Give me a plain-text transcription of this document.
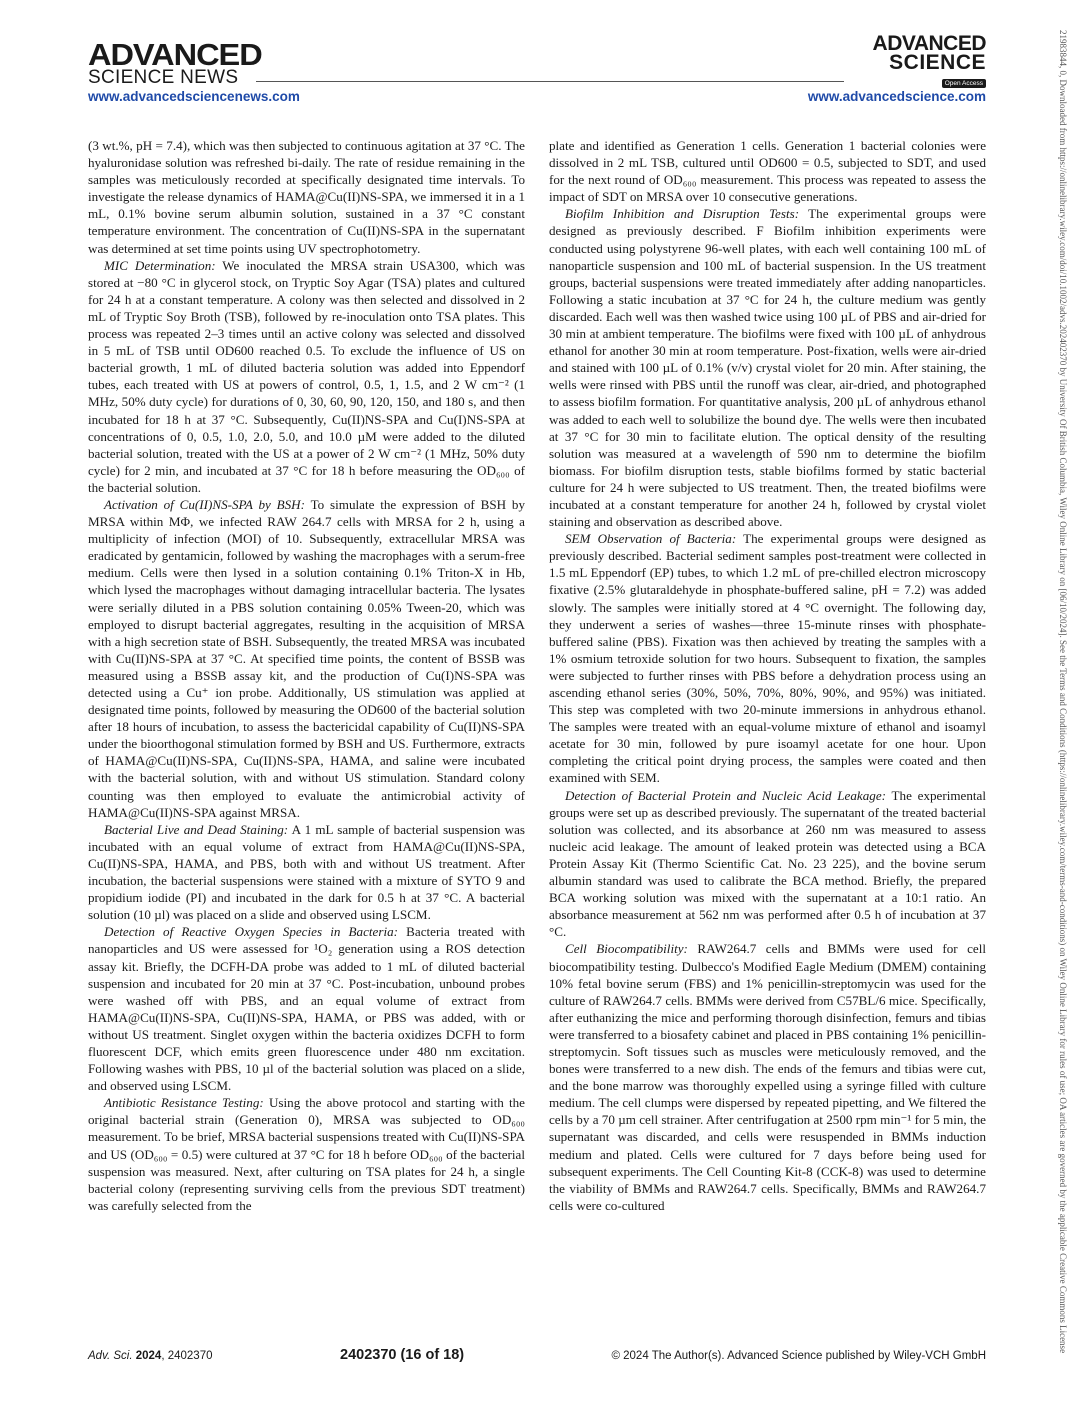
ADVANCED
SCIENCE NEWS
www.advancedsciencenews.com
ADVANCED
SCIENCE
Open Access
www.advancedscience.com	21983844, 0, Downloaded from https://onlinelibrary.wiley.com/doi/10.1002/advs.202402370 by University Of British Columbia, Wiley Online Library on [06/10/2024]. See the Terms and Conditions (https://onlinelibrary.wiley.com/terms-and-conditions) on Wiley Online Library for rules of use; OA articles are governed by the applicable Creative Commons License

(3 wt.%, pH = 7.4), which was then subjected to continuous agitation at 37 °C. The hyaluronidase solution was refreshed bi-daily. The rate of residue remaining in the samples was meticulously recorded at specifically designated time intervals. To investigate the release dynamics of HAMA@Cu(II)NS-SPA, we immersed it in a 1 mL, 0.1% bovine serum albumin solution, sustained in a 37 °C constant temperature environment. The concentration of Cu(II)NS-SPA in the supernatant was determined at set time points using UV spectrophotometry.

MIC Determination: We inoculated the MRSA strain USA300, which was stored at −80 °C in glycerol stock, on Tryptic Soy Agar (TSA) plates and cultured for 24 h at a constant temperature. A colony was then selected and dissolved in 2 mL of Tryptic Soy Broth (TSB), followed by re-inoculation onto TSA plates. This process was repeated 2–3 times until an active colony was selected and dissolved in 5 mL of TSB until OD600 reached 0.5. To exclude the influence of US on bacterial growth, 1 mL of diluted bacteria solution was added into Eppendorf tubes, each treated with US at powers of control, 0.5, 1, 1.5, and 2 W cm⁻² (1 MHz, 50% duty cycle) for durations of 0, 30, 60, 90, 120, 150, and 180 s, and then incubated for 18 h at 37 °C. Subsequently, Cu(II)NS-SPA and Cu(I)NS-SPA at concentrations of 0, 0.5, 1.0, 2.0, 5.0, and 10.0 µM were added to the diluted bacterial solution, treated with the US at a power of 2 W cm⁻² (1 MHz, 50% duty cycle) for 2 min, and incubated at 37 °C for 18 h before measuring the OD₆₀₀ of the bacterial solution.

Activation of Cu(II)NS-SPA by BSH: To simulate the expression of BSH by MRSA within MΦ, we infected RAW 264.7 cells with MRSA for 2 h, using a multiplicity of infection (MOI) of 10. Subsequently, extracellular MRSA was eradicated by gentamicin, followed by washing the macrophages with a serum-free medium. Cells were then lysed in a solution containing 0.1% Triton-X in Hb, which lysed the macrophages without damaging intracellular bacteria. The lysates were serially diluted in a PBS solution containing 0.05% Tween-20, which was employed to disrupt bacterial aggregates, resulting in the acquisition of MRSA with a high secretion state of BSH. Subsequently, the treated MRSA was incubated with Cu(II)NS-SPA at 37 °C. At specified time points, the content of BSSB was measured using a BSSB assay kit, and the production of Cu(I)NS-SPA was detected using a Cu⁺ ion probe. Additionally, US stimulation was applied at designated time points, followed by measuring the OD600 of the bacterial solution after 18 hours of incubation, to assess the bactericidal capability of Cu(II)NS-SPA under the bioorthogonal stimulation formed by BSH and US. Furthermore, extracts of HAMA@Cu(II)NS-SPA, Cu(II)NS-SPA, HAMA, and saline were incubated with the bacterial solution, with and without US stimulation. Standard colony counting was then employed to evaluate the antimicrobial activity of HAMA@Cu(II)NS-SPA against MRSA.

Bacterial Live and Dead Staining: A 1 mL sample of bacterial suspension was incubated with an equal volume of extract from HAMA@Cu(II)NS-SPA, Cu(II)NS-SPA, HAMA, and PBS, both with and without US treatment. After incubation, the bacterial suspensions were stained with a mixture of SYTO 9 and propidium iodide (PI) and incubated in the dark for 0.5 h at 37 °C. A bacterial solution (10 µl) was placed on a slide and observed using LSCM.

Detection of Reactive Oxygen Species in Bacteria: Bacteria treated with nanoparticles and US were assessed for ¹O₂ generation using a ROS detection assay kit. Briefly, the DCFH-DA probe was added to 1 mL of diluted bacterial suspension and incubated for 20 min at 37 °C. Post-incubation, unbound probes were washed off with PBS, and an equal volume of extract from HAMA@Cu(II)NS-SPA, Cu(II)NS-SPA, HAMA, or PBS was added, with or without US treatment. Singlet oxygen within the bacteria oxidizes DCFH to form fluorescent DCF, which emits green fluorescence under 480 nm excitation. Following washes with PBS, 10 µl of the bacterial solution was placed on a slide, and observed using LSCM.

Antibiotic Resistance Testing: Using the above protocol and starting with the original bacterial strain (Generation 0), MRSA was subjected to OD₆₀₀ measurement. To be brief, MRSA bacterial suspensions treated with Cu(II)NS-SPA and US (OD₆₀₀ = 0.5) were cultured at 37 °C for 18 h before OD₆₀₀ of the bacterial suspension was measured. Next, after culturing on TSA plates for 24 h, a single bacterial colony (representing surviving cells from the previous SDT treatment) was carefully selected from the

plate and identified as Generation 1 cells. Generation 1 bacterial colonies were dissolved in 2 mL TSB, cultured until OD600 = 0.5, subjected to SDT, and used for the next round of OD₆₀₀ measurement. This process was repeated to assess the impact of SDT on MRSA over 10 consecutive generations.

Biofilm Inhibition and Disruption Tests: The experimental groups were designed as previously described. F Biofilm inhibition experiments were conducted using polystyrene 96-well plates, with each well containing 100 mL of nanoparticle suspension and 100 mL of bacterial suspension. In the US treatment groups, bacterial suspensions were treated immediately after adding nanoparticles. Following a static incubation at 37 °C for 24 h, the culture medium was gently discarded. Each well was then washed twice using 100 µL of PBS and air-dried for 30 min at ambient temperature. The biofilms were fixed with 100 µL of anhydrous ethanol for another 30 min at room temperature. Post-fixation, wells were air-dried and stained with 100 µL of 0.1% (v/v) crystal violet for 20 min. After staining, the wells were rinsed with PBS until the runoff was clear, air-dried, and photographed to assess biofilm formation. For quantitative analysis, 200 µL of anhydrous ethanol was added to each well to solubilize the bound dye. The wells were then incubated at 37 °C for 30 min to facilitate elution. The optical density of the resulting solution was measured at a wavelength of 590 nm to determine the biofilm biomass. For biofilm disruption tests, stable biofilms formed by static bacterial culture for 24 h were subjected to US treatment. Then, the treated biofilms were incubated at a constant temperature for another 24 h, followed by crystal violet staining and observation as described above.

SEM Observation of Bacteria: The experimental groups were designed as previously described. Bacterial sediment samples post-treatment were collected in 1.5 mL Eppendorf (EP) tubes, to which 1.2 mL of pre-chilled electron microscopy fixative (2.5% glutaraldehyde in phosphate-buffered saline, pH = 7.2) was added slowly. The samples were initially stored at 4 °C overnight. The following day, they underwent a series of washes—three 15-minute rinses with phosphate-buffered saline (PBS). Fixation was then achieved by treating the samples with a 1% osmium tetroxide solution for two hours. Subsequent to fixation, the samples were subjected to further rinses with PBS before a dehydration process using an ascending ethanol series (30%, 50%, 70%, 80%, 90%, and 95%) was initiated. This step was completed with two 20-minute immersions in anhydrous ethanol. The samples were treated with an equal-volume mixture of ethanol and isoamyl acetate for 30 min, followed by pure isoamyl acetate for one hour. Upon completing the critical point drying process, the samples were coated and then examined with SEM.

Detection of Bacterial Protein and Nucleic Acid Leakage: The experimental groups were set up as described previously. The supernatant of the treated bacterial solution was collected, and its absorbance at 260 nm was measured to assess nucleic acid leakage. The amount of leaked protein was detected using a BCA Protein Assay Kit (Thermo Scientific Cat. No. 23 225), and the bovine serum albumin standard was used to calibrate the BCA method. Briefly, the prepared BCA working solution was mixed with the supernatant at a 10:1 ratio. An absorbance measurement at 562 nm was performed after 0.5 h of incubation at 37 °C.

Cell Biocompatibility: RAW264.7 cells and BMMs were used for cell biocompatibility testing. Dulbecco's Modified Eagle Medium (DMEM) containing 10% fetal bovine serum (FBS) and 1% penicillin-streptomycin was used for the culture of RAW264.7 cells. BMMs were derived from C57BL/6 mice. Specifically, after euthanizing the mice and performing thorough disinfection, femurs and tibias were transferred to a biosafety cabinet and placed in PBS containing 1% penicillin-streptomycin. Soft tissues such as muscles were meticulously removed, and the bones were transferred to a new dish. The ends of the femurs and tibias were cut, and the bone marrow was thoroughly expelled using a syringe filled with culture medium. The cell clumps were dispersed by repeated pipetting, and We filtered the cells by a 70 µm cell strainer. After centrifugation at 2500 rpm min⁻¹ for 5 min, the supernatant was discarded, and cells were resuspended in BMMs induction medium and plated. Cells were cultured for 7 days before being used for subsequent experiments. The Cell Counting Kit-8 (CCK-8) was used to determine the viability of BMMs and RAW264.7 cells. Specifically, BMMs and RAW264.7 cells were co-cultured

Adv. Sci. 2024, 2402370	2402370 (16 of 18)	© 2024 The Author(s). Advanced Science published by Wiley-VCH GmbH
